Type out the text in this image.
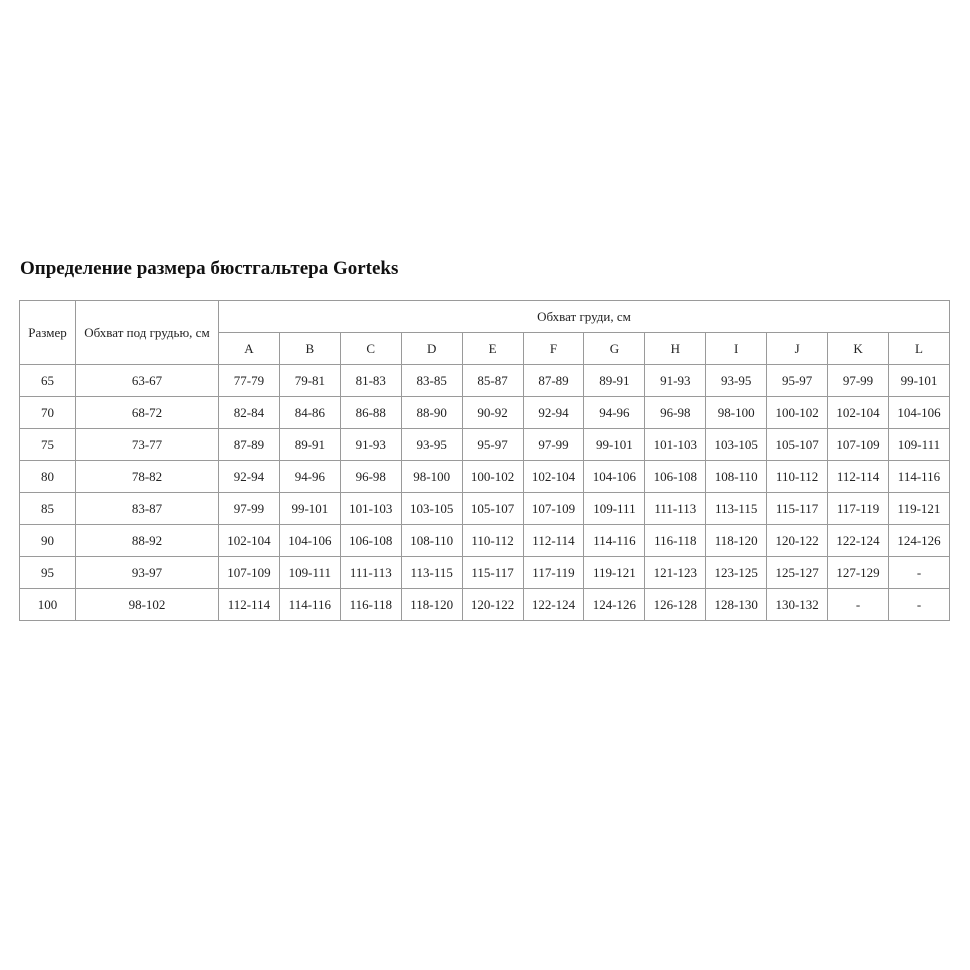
Определение размера бюстгальтера Gorteks
Размер	Обхват под грудью, см	Обхват груди, см											
		A	B	C	D	E	F	G	H	I	J	K	L
65	63-67	77-79	79-81	81-83	83-85	85-87	87-89	89-91	91-93	93-95	95-97	97-99	99-101
70	68-72	82-84	84-86	86-88	88-90	90-92	92-94	94-96	96-98	98-100	100-102	102-104	104-106
75	73-77	87-89	89-91	91-93	93-95	95-97	97-99	99-101	101-103	103-105	105-107	107-109	109-111
80	78-82	92-94	94-96	96-98	98-100	100-102	102-104	104-106	106-108	108-110	110-112	112-114	114-116
85	83-87	97-99	99-101	101-103	103-105	105-107	107-109	109-111	111-113	113-115	115-117	117-119	119-121
90	88-92	102-104	104-106	106-108	108-110	110-112	112-114	114-116	116-118	118-120	120-122	122-124	124-126
95	93-97	107-109	109-111	111-113	113-115	115-117	117-119	119-121	121-123	123-125	125-127	127-129	-
100	98-102	112-114	114-116	116-118	118-120	120-122	122-124	124-126	126-128	128-130	130-132	-	-
